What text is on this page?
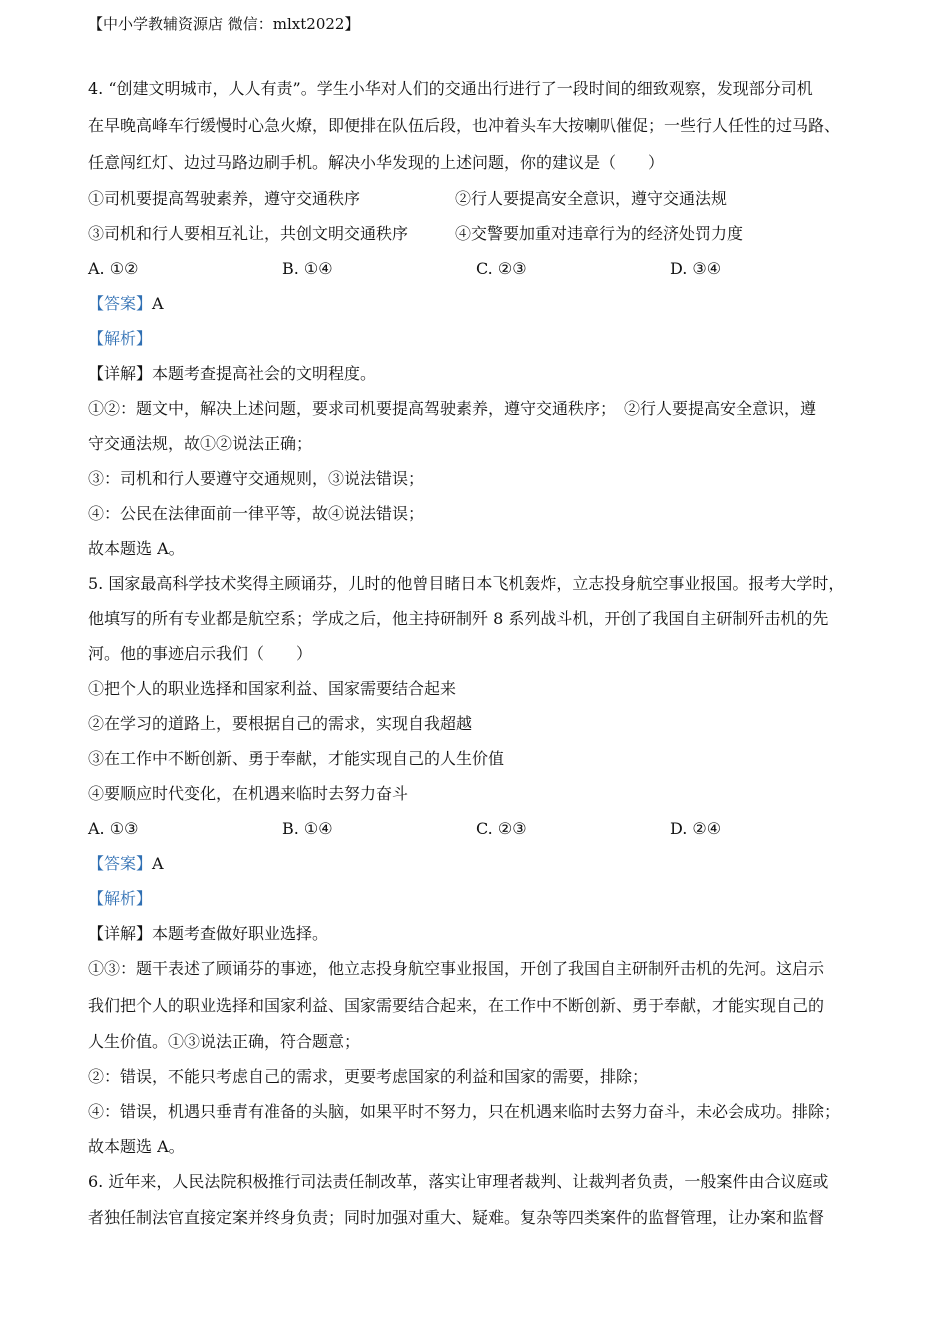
【中小学教辅资源店 微信：mlxt2022】
4. “创建文明城市，人人有责”。学生小华对人们的交通出行进行了一段时间的细致观察，发现部分司机
在早晚高峰车行缓慢时心急火燎，即便排在队伍后段，也冲着头车大按喇叭催促；一些行人任性的过马路、
任意闯红灯、边过马路边刷手机。解决小华发现的上述问题，你的建议是（　　）
①司机要提高驾驶素养，遵守交通秩序	②行人要提高安全意识，遵守交通法规
③司机和行人要相互礼让，共创文明交通秩序	④交警要加重对违章行为的经济处罚力度
A. ①②	B. ①④	C. ②③	D. ③④
【答案】A
【解析】
【详解】本题考查提高社会的文明程度。
①②：题文中，解决上述问题，要求司机要提高驾驶素养，遵守交通秩序；　②行人要提高安全意识，遵
守交通法规，故①②说法正确；
③：司机和行人要遵守交通规则，③说法错误；
④：公民在法律面前一律平等，故④说法错误；
故本题选 A。
5. 国家最高科学技术奖得主顾诵芬，儿时的他曾目睹日本飞机轰炸，立志投身航空事业报国。报考大学时，
他填写的所有专业都是航空系；学成之后，他主持研制歼 8 系列战斗机，开创了我国自主研制歼击机的先
河。他的事迹启示我们（　　）
①把个人的职业选择和国家利益、国家需要结合起来
②在学习的道路上，要根据自己的需求，实现自我超越
③在工作中不断创新、勇于奉献，才能实现自己的人生价值
④要顺应时代变化，在机遇来临时去努力奋斗
A. ①③	B. ①④	C. ②③	D. ②④
【答案】A
【解析】
【详解】本题考查做好职业选择。
①③：题干表述了顾诵芬的事迹，他立志投身航空事业报国，开创了我国自主研制歼击机的先河。这启示
我们把个人的职业选择和国家利益、国家需要结合起来，在工作中不断创新、勇于奉献，才能实现自己的
人生价值。①③说法正确，符合题意；
②：错误，不能只考虑自己的需求，更要考虑国家的利益和国家的需要，排除；
④：错误，机遇只垂青有准备的头脑，如果平时不努力，只在机遇来临时去努力奋斗，未必会成功。排除；
故本题选 A。
6. 近年来，人民法院积极推行司法责任制改革，落实让审理者裁判、让裁判者负责，一般案件由合议庭或
者独任制法官直接定案并终身负责；同时加强对重大、疑难。复杂等四类案件的监督管理，让办案和监督
